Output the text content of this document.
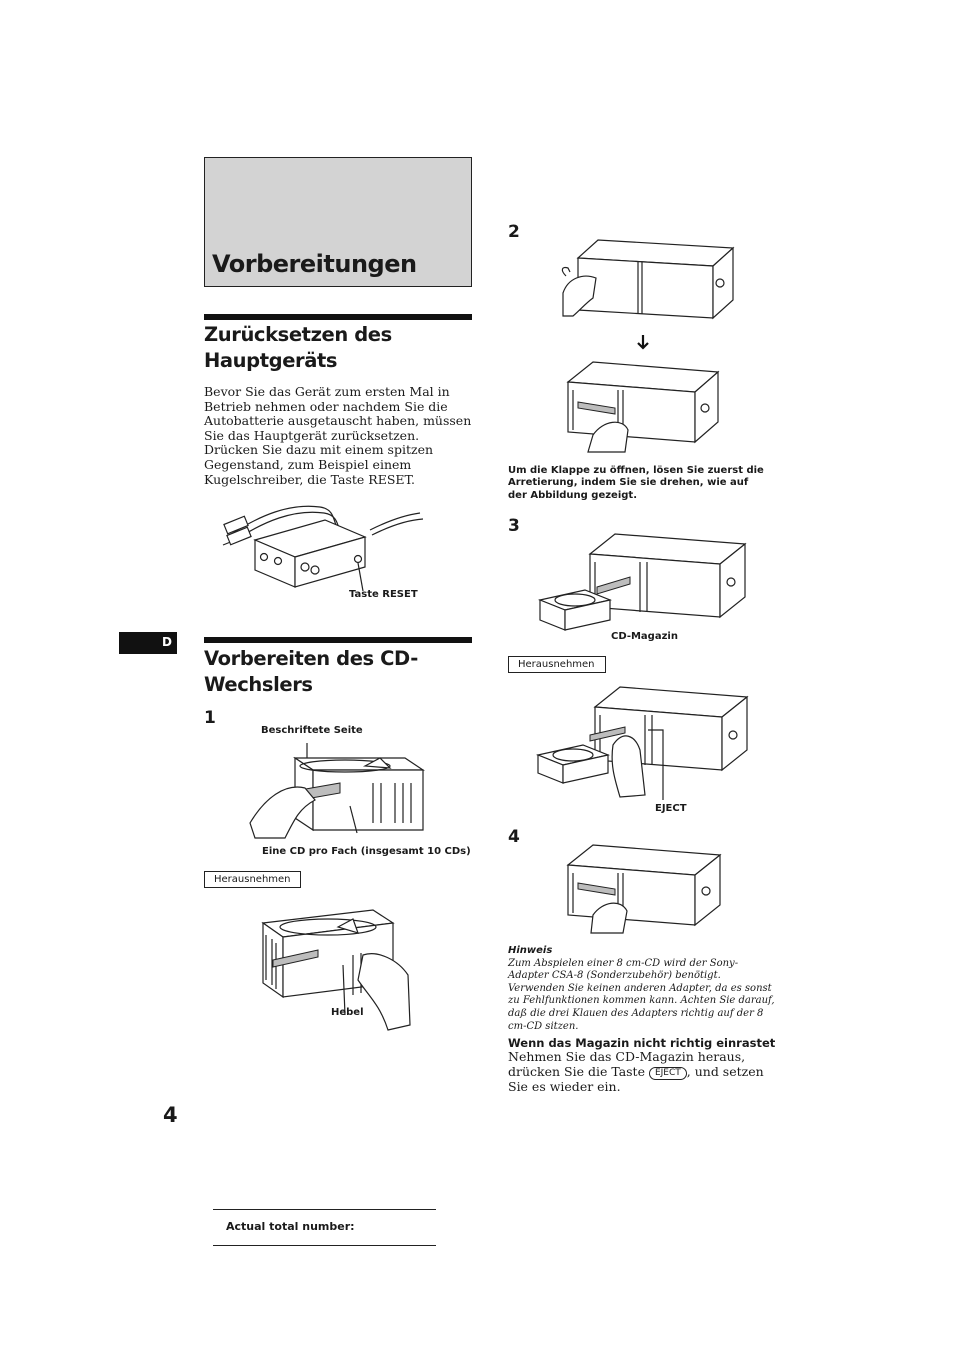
Vorbereitungen
Zurücksetzen des Hauptgeräts
Bevor Sie das Gerät zum ersten Mal in Betrieb nehmen oder nachdem Sie die Autobatterie ausgetauscht haben, müssen Sie das Hauptgerät zurücksetzen.
Drücken Sie dazu mit einem spitzen Gegenstand, zum Beispiel einem Kugelschreiber, die Taste RESET.
Taste RESET
D
Vorbereiten des CD-Wechslers
1
Beschriftete Seite
Eine CD pro Fach (insgesamt 10 CDs)
Herausnehmen
Hebel
2
Um die Klappe zu öffnen, lösen Sie zuerst die Arretierung, indem Sie sie drehen, wie auf der Abbildung gezeigt.
3
CD-Magazin
Herausnehmen
EJECT
4
Hinweis
Zum Abspielen einer 8 cm-CD wird der Sony-Adapter CSA-8 (Sonderzubehör) benötigt. Verwenden Sie keinen anderen Adapter, da es sonst zu Fehlfunktionen kommen kann. Achten Sie darauf, daß die drei Klauen des Adapters richtig auf der 8 cm-CD sitzen.
Wenn das Magazin nicht richtig einrastet
Nehmen Sie das CD-Magazin heraus, drücken Sie die Taste EJECT , und setzen Sie es wieder ein.
4
Actual total number:
